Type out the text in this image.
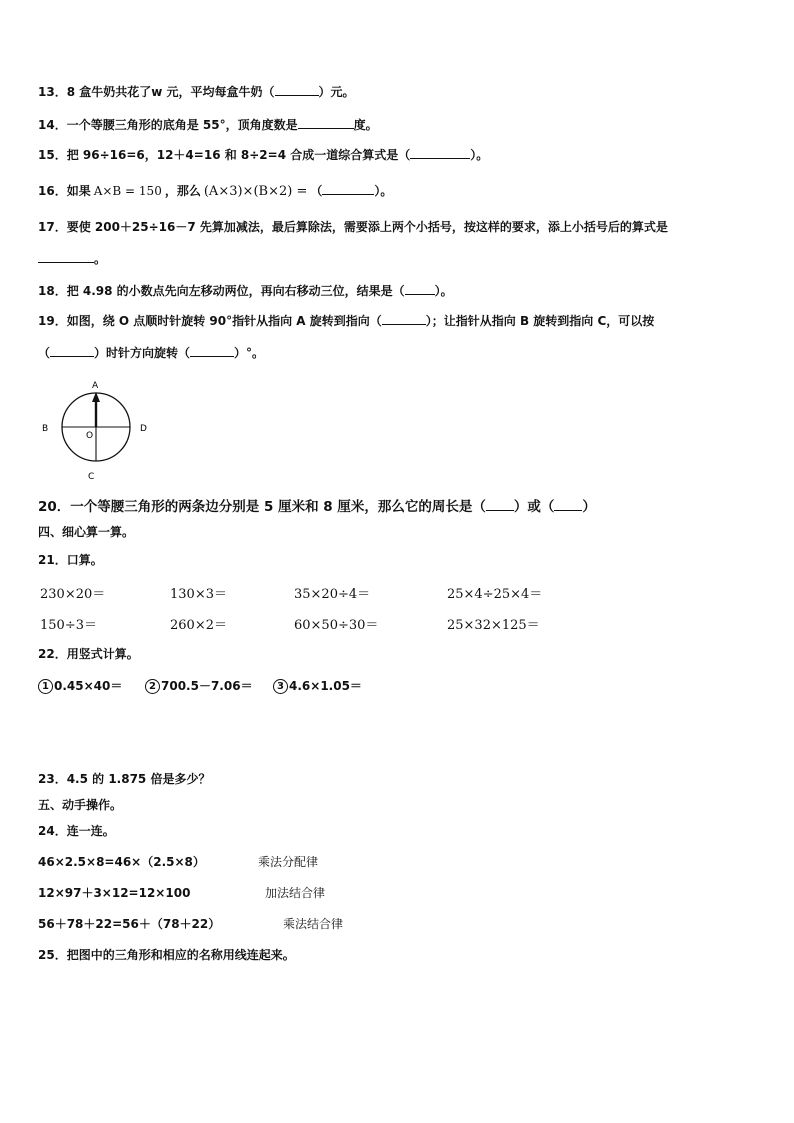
13．8 盒牛奶共花了w 元，平均每盒牛奶（	）元。
14．一个等腰三角形的底角是 55°，顶角度数是	度。
15．把 96÷16=6，12＋4=16 和 8÷2=4 合成一道综合算式是（	）。
16．如果 A×B = 150 ，那么 (A×3)×(B×2) = （	）。
17．要使 200＋25÷16－7 先算加减法，最后算除法，需要添上两个小括号，按这样的要求，添上小括号后的算式是
。
18．把 4.98 的小数点先向左移动两位，再向右移动三位，结果是（	）。
19．如图，绕 O 点顺时针旋转 90°指针从指向 A 旋转到指向（	）；让指针从指向 B 旋转到指向 C，可以按
（	）时针方向旋转（	）°。
A
B
C
D
O
20．一个等腰三角形的两条边分别是 5 厘米和 8 厘米，那么它的周长是（ ）或（ ）
四、细心算一算。
21．口算。
230×20＝	130×3＝	35×20÷4＝	25×4÷25×4＝
150÷3＝	260×2＝	60×50÷30＝	25×32×125＝
22．用竖式计算。
1 0.45×40＝	2 700.5－7.06＝	3 4.6×1.05＝
23．4.5 的 1.875 倍是多少？
五、动手操作。
24．连一连。
46×2.5×8=46×（2.5×8）
12×97＋3×12=12×100
56＋78＋22=56＋（78＋22）
乘法分配律
加法结合律
乘法结合律
25．把图中的三角形和相应的名称用线连起来。
